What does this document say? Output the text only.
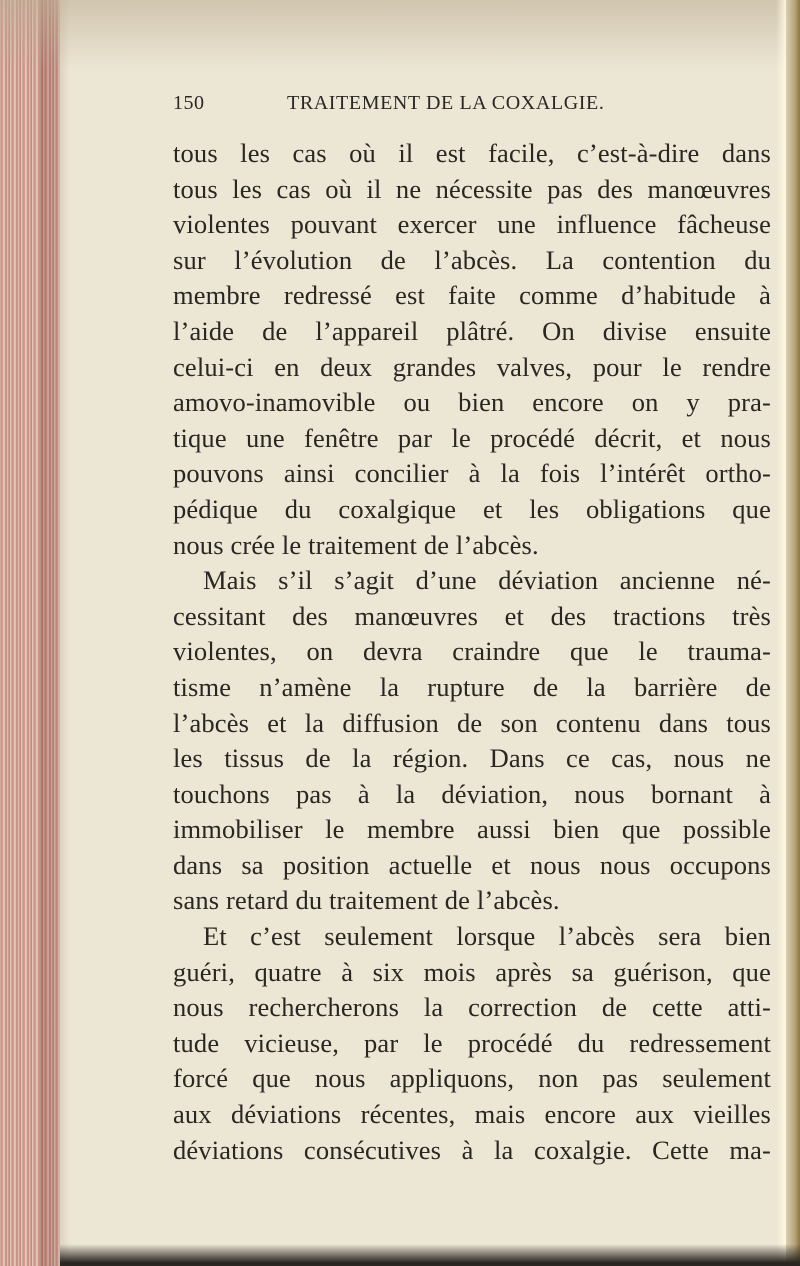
150	TRAITEMENT DE LA COXALGIE.
tous les cas où il est facile, c’est-à-dire dans
tous les cas où il ne nécessite pas des manœuvres
violentes pouvant exercer une influence fâcheuse
sur l’évolution de l’abcès. La contention du
membre redressé est faite comme d’habitude à
l’aide de l’appareil plâtré. On divise ensuite
celui-ci en deux grandes valves, pour le rendre
amovo-inamovible ou bien encore on y pra-
tique une fenêtre par le procédé décrit, et nous
pouvons ainsi concilier à la fois l’intérêt ortho-
pédique du coxalgique et les obligations que
nous crée le traitement de l’abcès.
Mais s’il s’agit d’une déviation ancienne né-
cessitant des manœuvres et des tractions très
violentes, on devra craindre que le trauma-
tisme n’amène la rupture de la barrière de
l’abcès et la diffusion de son contenu dans tous
les tissus de la région. Dans ce cas, nous ne
touchons pas à la déviation, nous bornant à
immobiliser le membre aussi bien que possible
dans sa position actuelle et nous nous occupons
sans retard du traitement de l’abcès.
Et c’est seulement lorsque l’abcès sera bien
guéri, quatre à six mois après sa guérison, que
nous rechercherons la correction de cette atti-
tude vicieuse, par le procédé du redressement
forcé que nous appliquons, non pas seulement
aux déviations récentes, mais encore aux vieilles
déviations consécutives à la coxalgie. Cette ma-
